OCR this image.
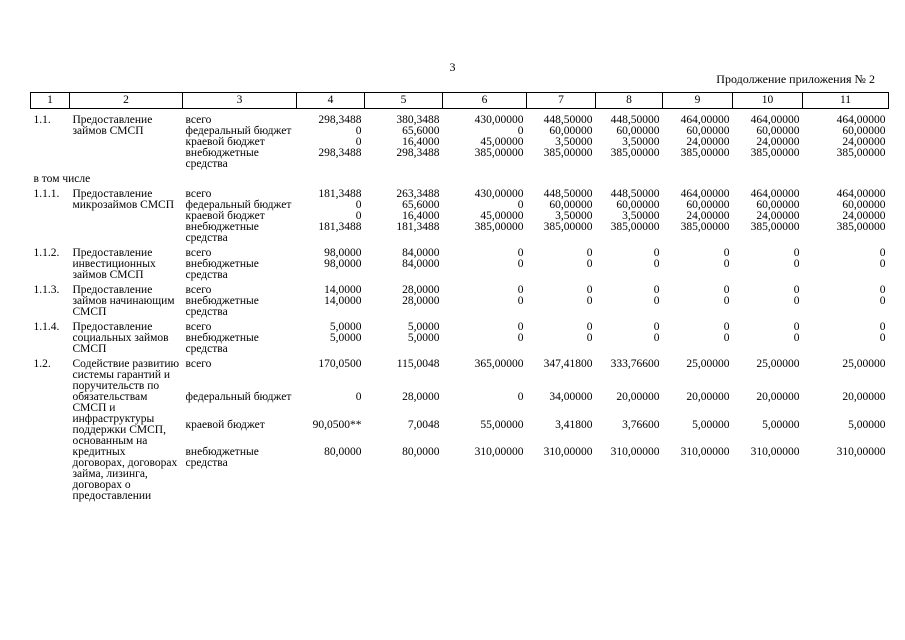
3
Продолжение приложения № 2
1	2	3	4	5	6	7	8	9	10	11
1.1.	Предоставление займов СМСП	всего	298,3488	380,3488	430,00000	448,50000	448,50000	464,00000	464,00000	464,00000
		федеральный бюджет	0	65,6000	0	60,00000	60,00000	60,00000	60,00000	60,00000
		краевой бюджет	0	16,4000	45,00000	3,50000	3,50000	24,00000	24,00000	24,00000
		внебюджетные средства	298,3488	298,3488	385,00000	385,00000	385,00000	385,00000	385,00000	385,00000
в том числе										
1.1.1.	Предоставление микрозаймов СМСП	всего	181,3488	263,3488	430,00000	448,50000	448,50000	464,00000	464,00000	464,00000
		федеральный бюджет	0	65,6000	0	60,00000	60,00000	60,00000	60,00000	60,00000
		краевой бюджет	0	16,4000	45,00000	3,50000	3,50000	24,00000	24,00000	24,00000
		внебюджетные средства	181,3488	181,3488	385,00000	385,00000	385,00000	385,00000	385,00000	385,00000
1.1.2.	Предоставление инвестиционных займов СМСП	всего	98,0000	84,0000	0	0	0	0	0	0
		внебюджетные средства	98,0000	84,0000	0	0	0	0	0	0
1.1.3.	Предоставление займов начинающим СМСП	всего	14,0000	28,0000	0	0	0	0	0	0
		внебюджетные средства	14,0000	28,0000	0	0	0	0	0	0
1.1.4.	Предоставление социальных займов СМСП	всего	5,0000	5,0000	0	0	0	0	0	0
		внебюджетные средства	5,0000	5,0000	0	0	0	0	0	0
1.2.	Содействие развитию системы гарантий и поручительств по обязательствам СМСП и инфраструктуры поддержки СМСП, основанным на кредитных договорах, договорах займа, лизинга, договорах о предоставлении	всего	170,0500	115,0048	365,00000	347,41800	333,76600	25,00000	25,00000	25,00000
		федеральный бюджет	0	28,0000	0	34,00000	20,00000	20,00000	20,00000	20,00000
		краевой бюджет	90,0500**	7,0048	55,00000	3,41800	3,76600	5,00000	5,00000	5,00000
		внебюджетные средства	80,0000	80,0000	310,00000	310,00000	310,00000	310,00000	310,00000	310,00000
